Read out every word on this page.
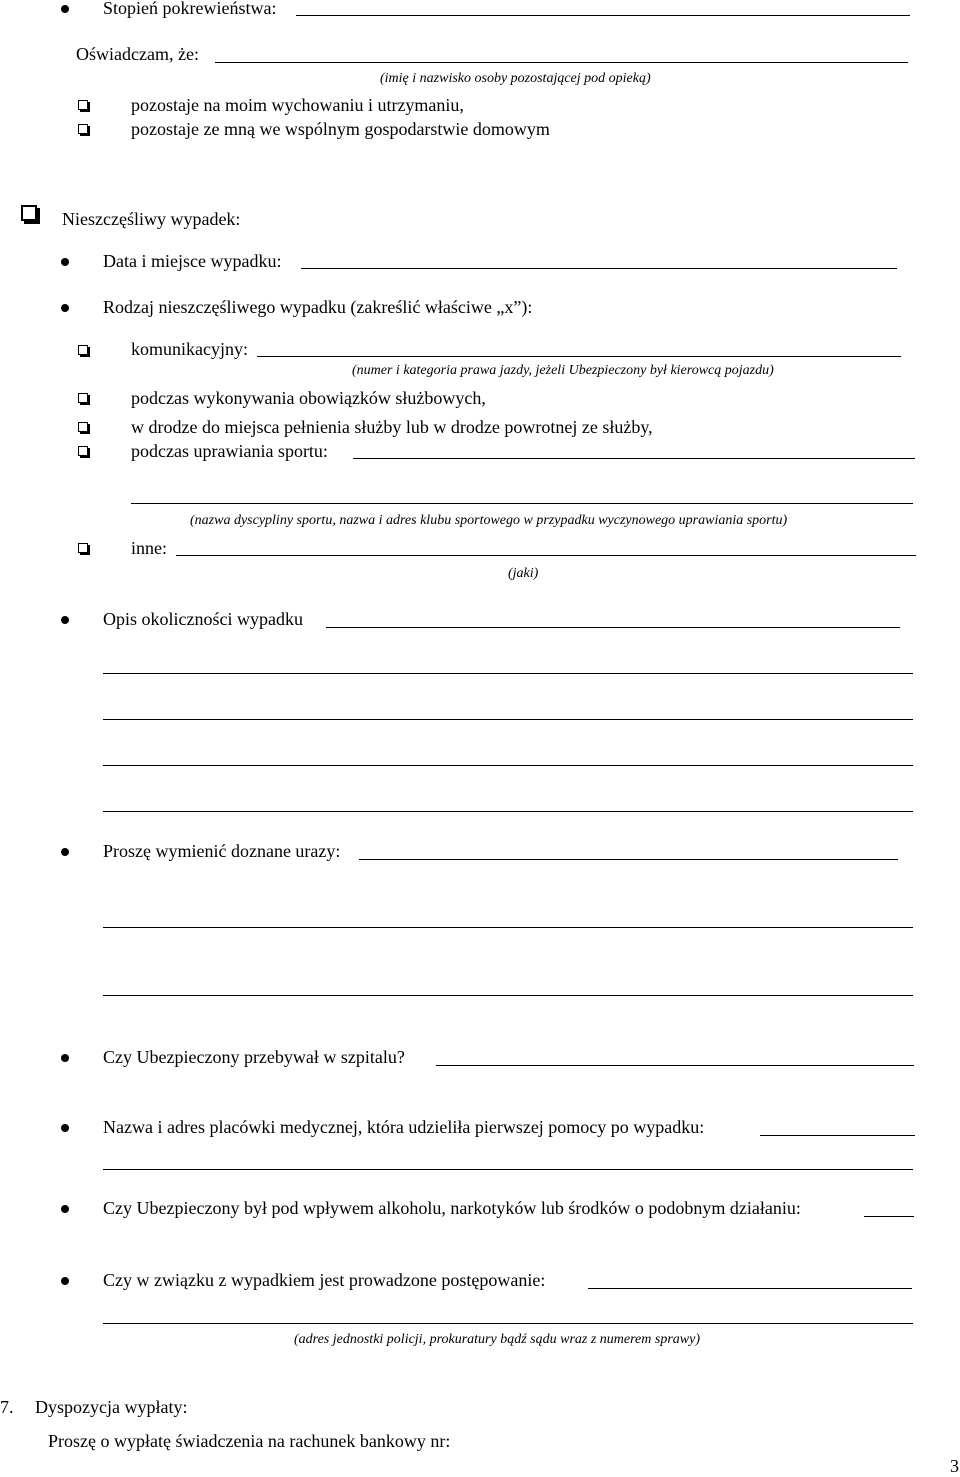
Stopień pokrewieństwa:
Oświadczam, że:
(imię i nazwisko osoby pozostającej pod opieką)
pozostaje na moim wychowaniu i utrzymaniu,
pozostaje ze mną we wspólnym gospodarstwie domowym
Nieszczęśliwy wypadek:
Data i miejsce wypadku:
Rodzaj nieszczęśliwego wypadku (zakreślić właściwe „x”):
komunikacyjny:
(numer i kategoria prawa jazdy, jeżeli Ubezpieczony był kierowcą pojazdu)
podczas wykonywania obowiązków służbowych,
w drodze do miejsca pełnienia służby lub w drodze powrotnej ze służby,
podczas uprawiania sportu:
(nazwa dyscypliny sportu, nazwa i adres klubu sportowego w przypadku wyczynowego uprawiania sportu)
inne:
(jaki)
Opis okoliczności wypadku
Proszę wymienić doznane urazy:
Czy Ubezpieczony przebywał w szpitalu?
Nazwa i adres placówki medycznej, która udzieliła pierwszej pomocy po wypadku:
Czy Ubezpieczony był pod wpływem alkoholu, narkotyków lub środków o podobnym działaniu:
Czy w związku z wypadkiem jest prowadzone postępowanie:
(adres jednostki policji, prokuratury bądź sądu wraz z numerem sprawy)
7. Dyspozycja wypłaty:
Proszę o wypłatę świadczenia na rachunek bankowy nr:
3
